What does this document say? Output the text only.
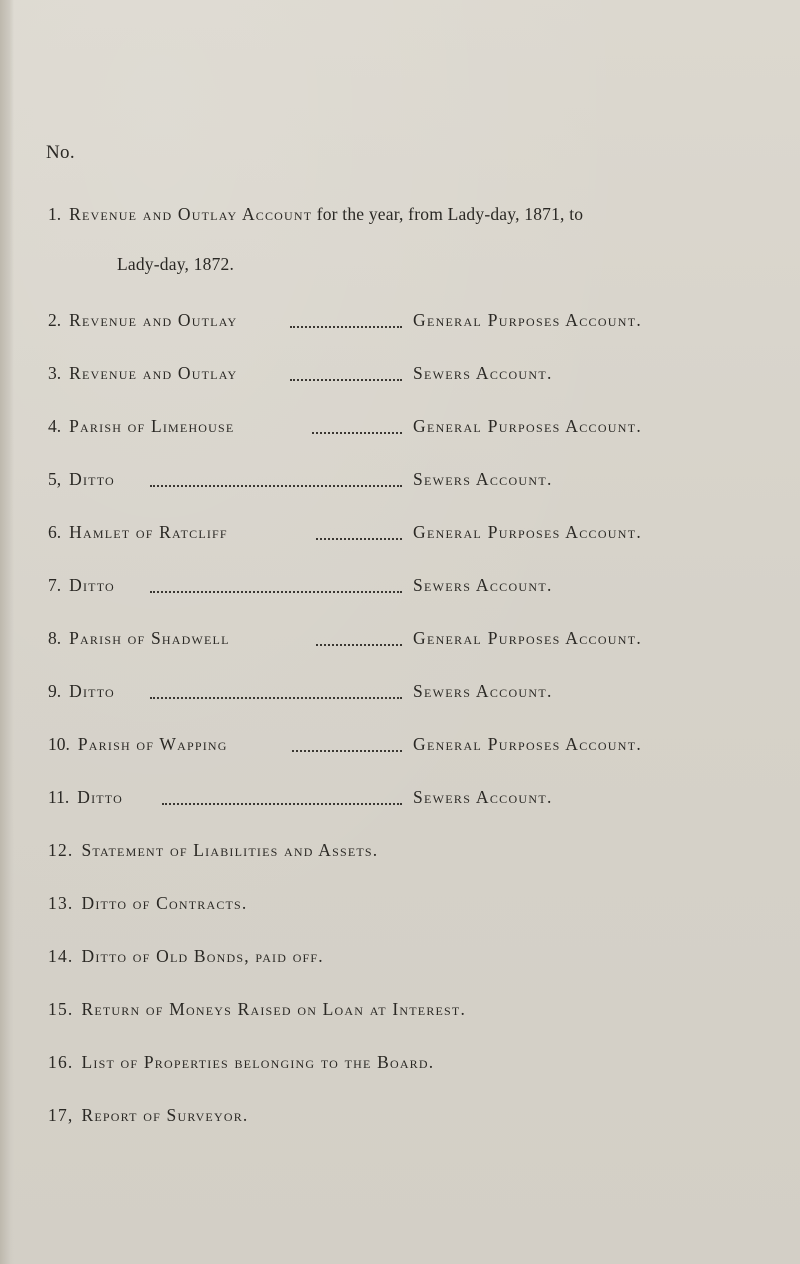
No.
1. Revenue and Outlay Account for the year, from Lady-day, 1871, to
Lady-day, 1872.
2. Revenue and Outlay	General Purposes Account.
3. Revenue and Outlay	Sewers Account.
4. Parish of Limehouse	General Purposes Account.
5, Ditto	Sewers Account.
6. Hamlet of Ratcliff	General Purposes Account.
7. Ditto	Sewers Account.
8. Parish of Shadwell	General Purposes Account.
9. Ditto	Sewers Account.
10. Parish of Wapping	General Purposes Account.
11. Ditto	Sewers Account.
12. Statement of Liabilities and Assets.
13. Ditto of Contracts.
14. Ditto of Old Bonds, paid off.
15. Return of Moneys Raised on Loan at Interest.
16. List of Properties belonging to the Board.
17, Report of Surveyor.
